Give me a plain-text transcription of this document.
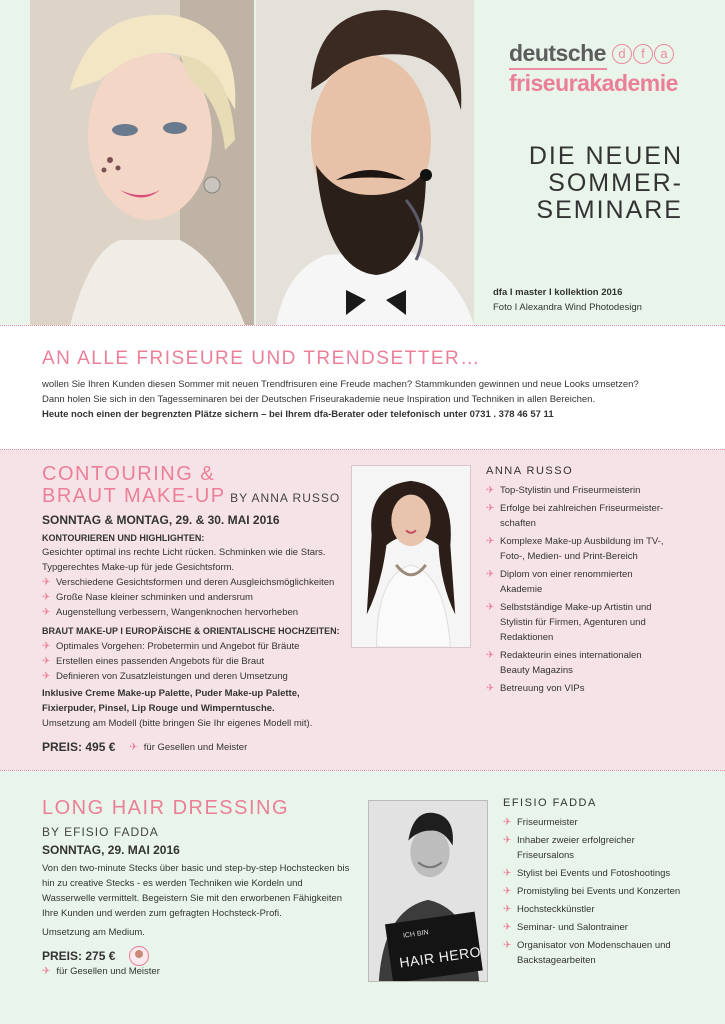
deutsche d	f	a
friseurakademie
DIE NEUEN
SOMMER-
SEMINARE
dfa I master I kollektion 2016
Foto I Alexandra Wind Photodesign
AN ALLE FRISEURE UND TRENDSETTER…
wollen Sie Ihren Kunden diesen Sommer mit neuen Trendfrisuren eine Freude machen? Stammkunden gewinnen und neue Looks umsetzen?
Dann holen Sie sich in den Tagesseminaren bei der Deutschen Friseurakademie neue Inspiration und Techniken in allen Bereichen.
Heute noch einen der begrenzten Plätze sichern – bei Ihrem dfa-Berater oder telefonisch unter 0731 . 378 46 57 11
CONTOURING &
BRAUT MAKE-UP BY ANNA RUSSO
SONNTAG & MONTAG, 29. & 30. MAI 2016
KONTOURIEREN UND HIGHLIGHTEN:
Gesichter optimal ins rechte Licht rücken. Schminken wie die Stars.
Typgerechtes Make-up für jede Gesichtsform.
✈ Verschiedene Gesichtsformen und deren Ausgleichsmöglichkeiten
✈ Große Nase kleiner schminken und andersrum
✈ Augenstellung verbessern, Wangenknochen hervorheben
BRAUT MAKE-UP I EUROPÄISCHE & ORIENTALISCHE HOCHZEITEN:
✈ Optimales Vorgehen: Probetermin und Angebot für Bräute
✈ Erstellen eines passenden Angebots für die Braut
✈ Definieren von Zusatzleistungen und deren Umsetzung
Inklusive Creme Make-up Palette, Puder Make-up Palette,
Fixierpuder, Pinsel, Lip Rouge und Wimperntusche.
Umsetzung am Modell (bitte bringen Sie Ihr eigenes Modell mit).
PREIS: 495 € ✈ für Gesellen und Meister
ANNA RUSSO
✈ Top-Stylistin und Friseurmeisterin
✈ Erfolge bei zahlreichen Friseurmeister-schaften
✈ Komplexe Make-up Ausbildung im TV-, Foto-, Medien- und Print-Bereich
✈ Diplom von einer renommierten Akademie
✈ Selbstständige Make-up Artistin und Stylistin für Firmen, Agenturen und Redaktionen
✈ Redakteurin eines internationalen Beauty Magazins
✈ Betreuung von VIPs
LONG HAIR DRESSING
BY EFISIO FADDA
SONNTAG, 29. MAI 2016
Von den two-minute Stecks über basic und step-by-step Hochstecken bis hin zu creative Stecks - es werden Techniken wie Kordeln und Wasserwelle vermittelt. Begeistern Sie mit den erworbenen Fähigkeiten Ihre Kunden und werden zum gefragten Hochsteck-Profi.
Umsetzung am Medium.
PREIS: 275 €
✈ für Gesellen und Meister
ICH BIN
HAIR HERO
EFISIO FADDA
✈ Friseurmeister
✈ Inhaber zweier erfolgreicher Friseursalons
✈ Stylist bei Events und Fotoshootings
✈ Promistyling bei Events und Konzerten
✈ Hochsteckkünstler
✈ Seminar- und Salontrainer
✈ Organisator von Modenschauen und Backstagearbeiten
